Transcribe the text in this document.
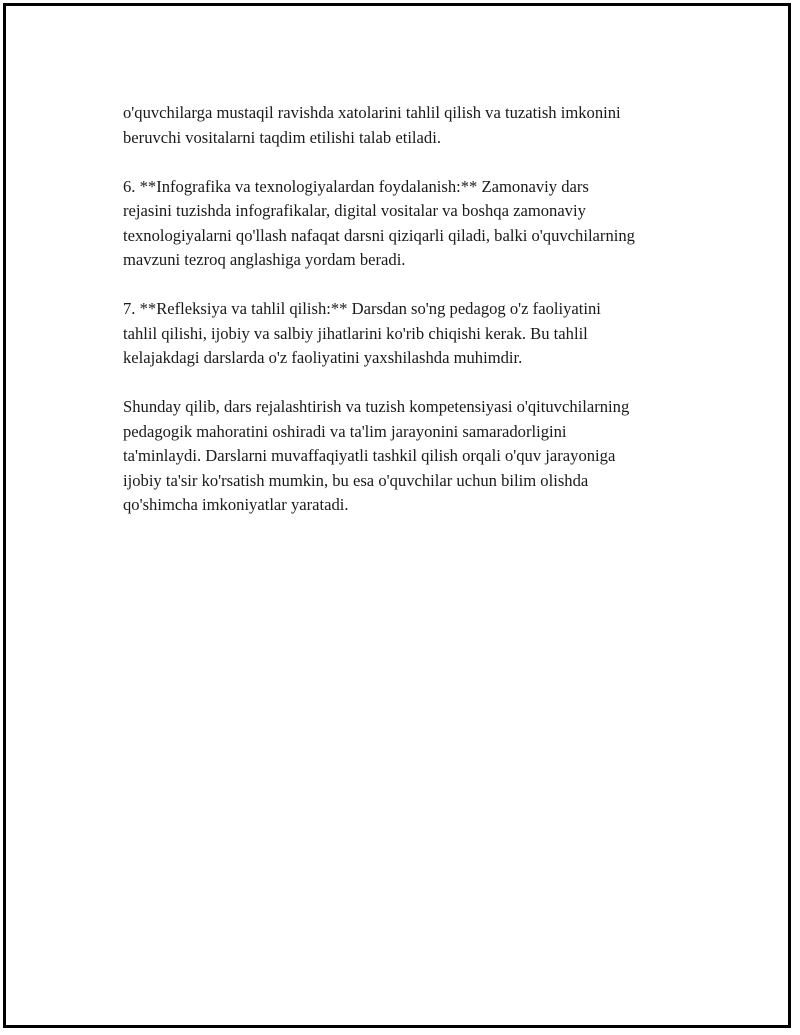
o'quvchilarga mustaqil ravishda xatolarini tahlil qilish va tuzatish imkonini
beruvchi vositalarni taqdim etilishi talab etiladi.

6. **Infografika va texnologiyalardan foydalanish:** Zamonaviy dars
rejasini tuzishda infografikalar, digital vositalar va boshqa zamonaviy
texnologiyalarni qo'llash nafaqat darsni qiziqarli qiladi, balki o'quvchilarning
mavzuni tezroq anglashiga yordam beradi.

7. **Refleksiya va tahlil qilish:** Darsdan so'ng pedagog o'z faoliyatini
tahlil qilishi, ijobiy va salbiy jihatlarini ko'rib chiqishi kerak. Bu tahlil
kelajakdagi darslarda o'z faoliyatini yaxshilashda muhimdir.

Shunday qilib, dars rejalashtirish va tuzish kompetensiyasi o'qituvchilarning
pedagogik mahoratini oshiradi va ta'lim jarayonini samaradorligini
ta'minlaydi. Darslarni muvaffaqiyatli tashkil qilish orqali o'quv jarayoniga
ijobiy ta'sir ko'rsatish mumkin, bu esa o'quvchilar uchun bilim olishda
qo'shimcha imkoniyatlar yaratadi.
